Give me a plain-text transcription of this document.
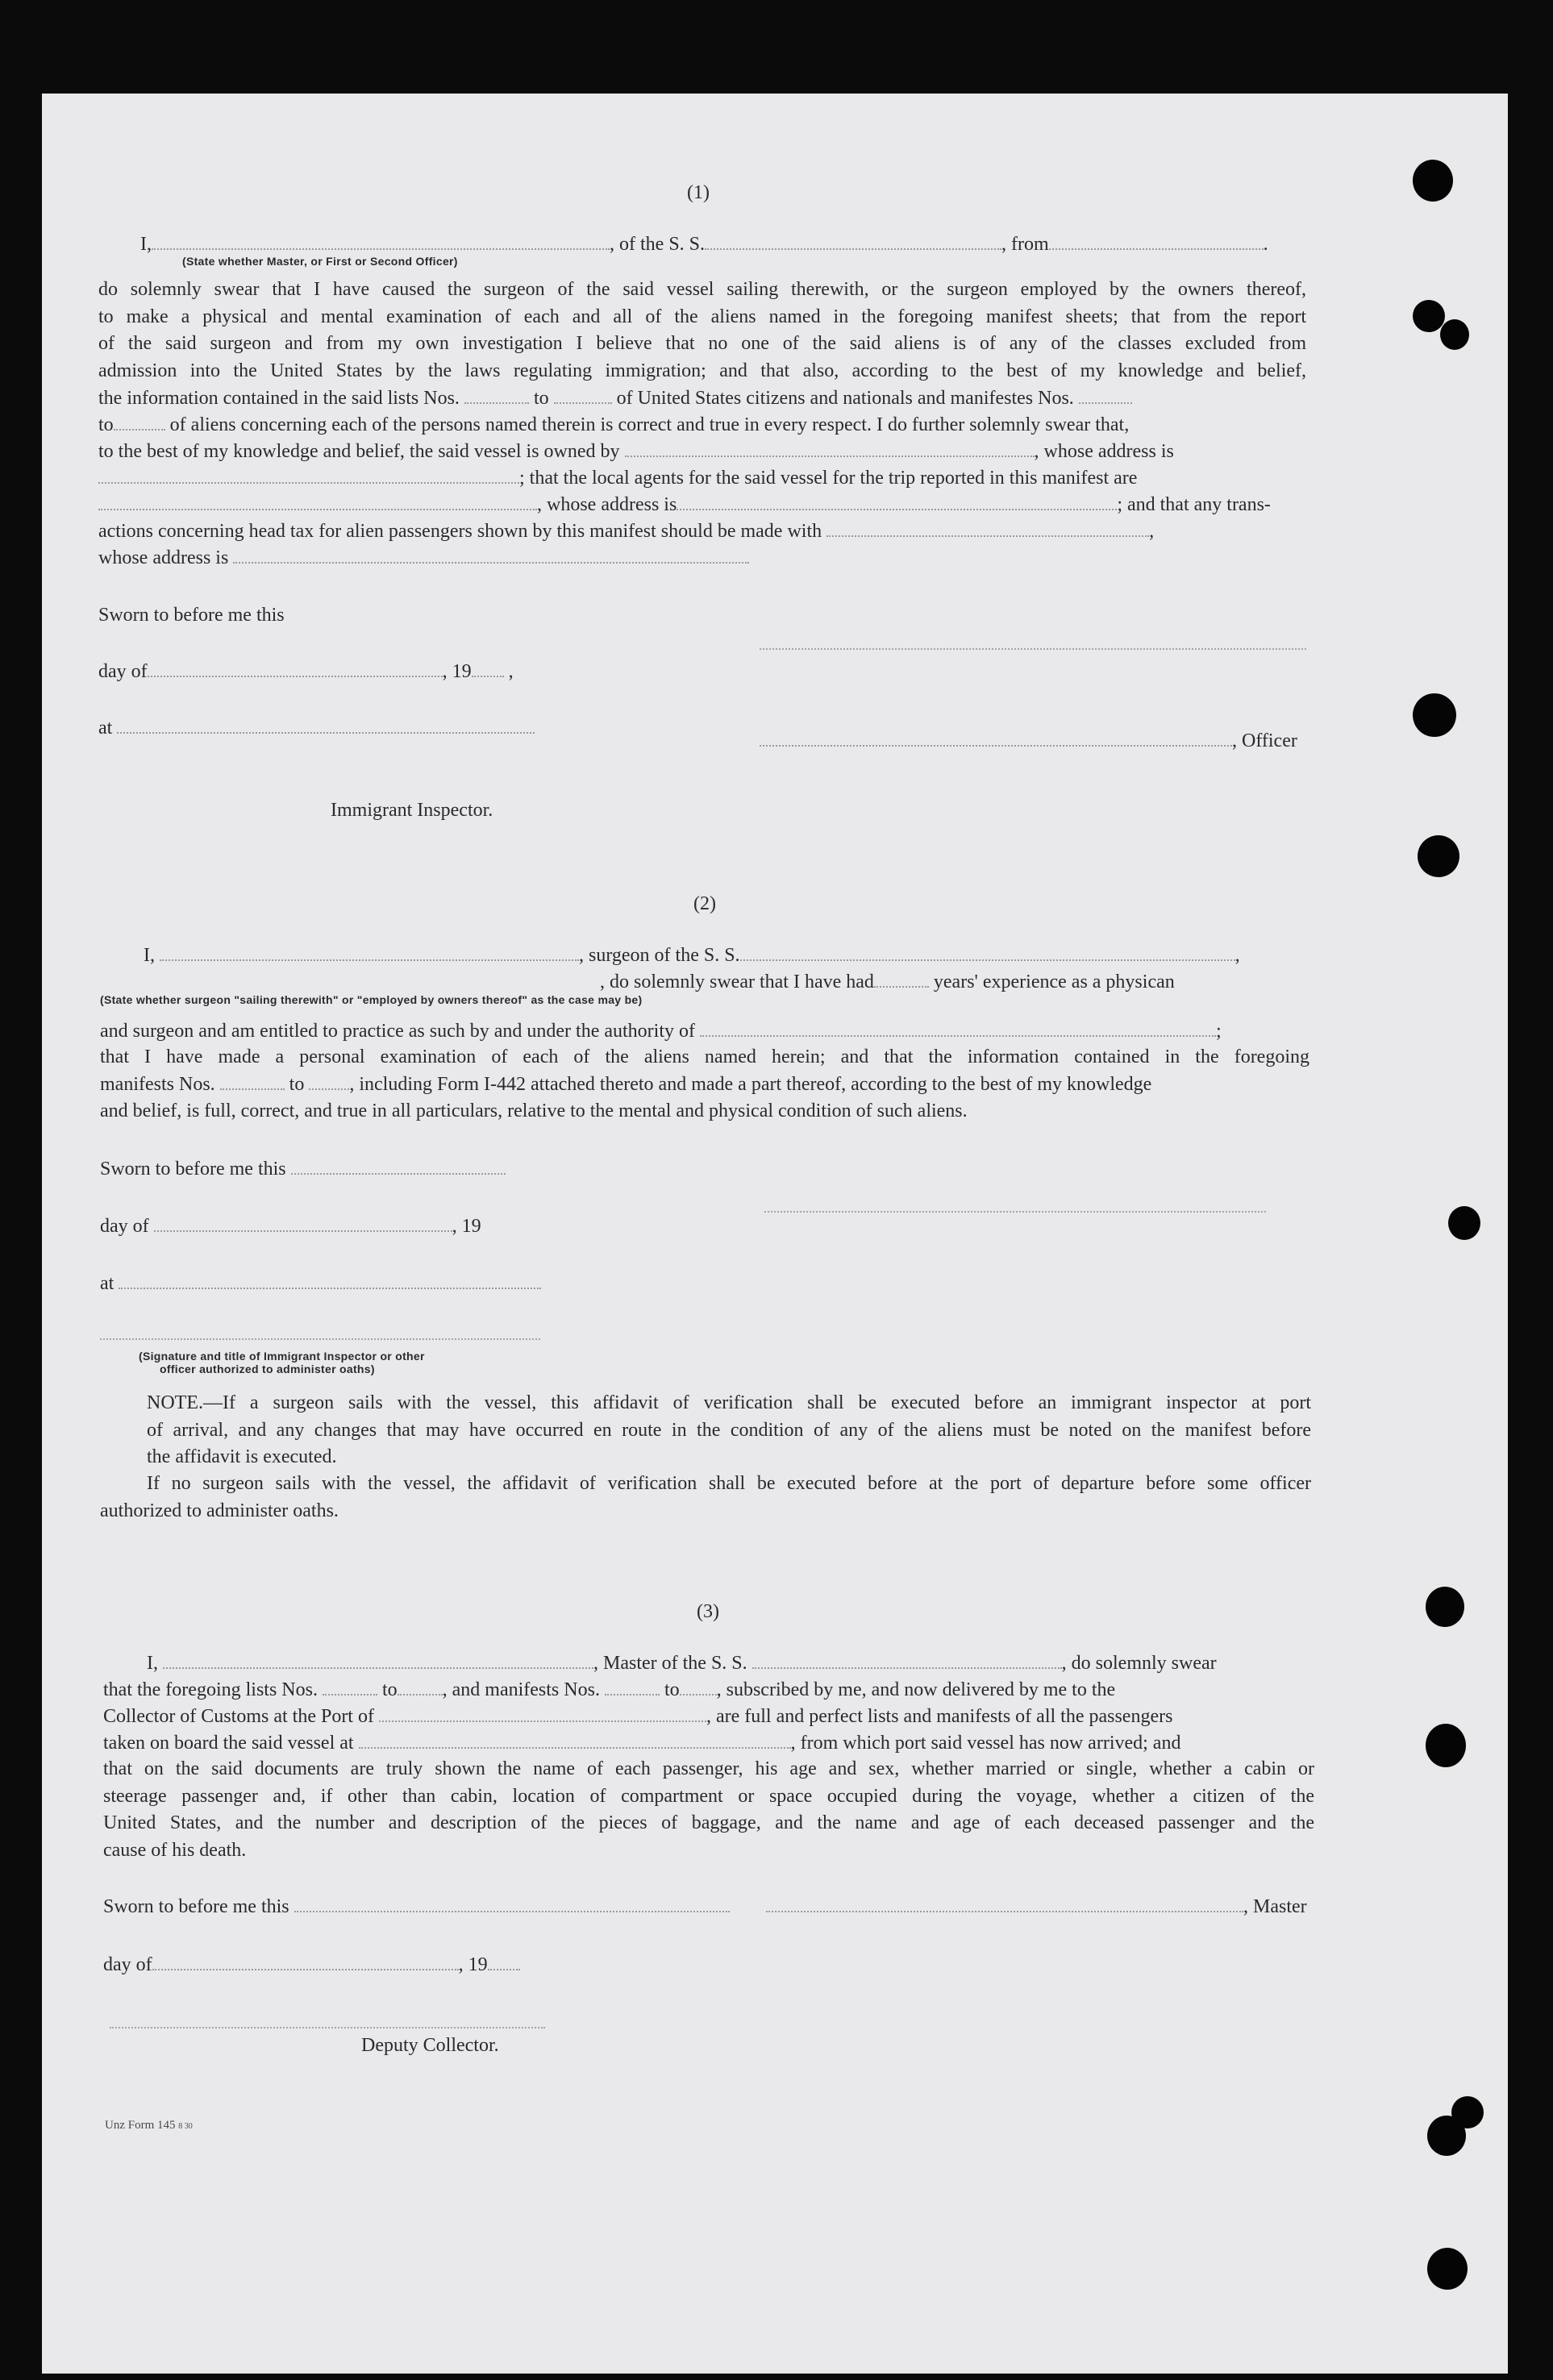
(1)

I,	, of the S. S.	, from	.

(State whether Master, or First or Second Officer)

do solemnly swear that I have caused the surgeon of the said vessel sailing therewith, or the surgeon employed by the owners thereof,
to make a physical and mental examination of each and all of the aliens named in the foregoing manifest sheets; that from the report
of the said surgeon and from my own investigation I believe that no one of the said aliens is of any of the classes excluded from
admission into the United States by the laws regulating immigration; and that also, according to the best of my knowledge and belief,

the information contained in the said lists Nos.	to	of United States citizens and nationals and manifestes Nos.

to	of aliens concerning each of the persons named therein is correct and true in every respect. I do further solemnly swear that,

to the best of my knowledge and belief, the said vessel is owned by	, whose address is

; that the local agents for the said vessel for the trip reported in this manifest are

, whose address is	; and that any trans-

actions concerning head tax for alien passengers shown by this manifest should be made with	,

whose address is

Sworn to before me this

day of	, 19 ,

at

, Officer

Immigrant Inspector.

(2)

I,	, surgeon of the S. S.	,

, do solemnly swear that I have had	years' experience as a physican

(State whether surgeon "sailing therewith" or "employed by owners thereof" as the case may be)

and surgeon and am entitled to practice as such by and under the authority of	;

that I have made a personal examination of each of the aliens named herein; and that the information contained in the foregoing

manifests Nos.	to , including Form I-442 attached thereto and made a part thereof, according to the best of my knowledge

and belief, is full, correct, and true in all particulars, relative to the mental and physical condition of such aliens.

Sworn to before me this

day of	, 19

at

(Signature and title of Immigrant Inspector or other

officer authorized to administer oaths)

NOTE.—If a surgeon sails with the vessel, this affidavit of verification shall be executed before an immigrant inspector at port
of arrival, and any changes that may have occurred en route in the condition of any of the aliens must be noted on the manifest before
the affidavit is executed.
If no surgeon sails with the vessel, the affidavit of verification shall be executed before at the port of departure before some officer
authorized to administer oaths.

(3)

I,	, Master of the S. S.	, do solemnly swear

that the foregoing lists Nos.	to , and manifests Nos.	to , subscribed by me, and now delivered by me to the

Collector of Customs at the Port of	, are full and perfect lists and manifests of all the passengers

taken on board the said vessel at	, from which port said vessel has now arrived; and

that on the said documents are truly shown the name of each passenger, his age and sex, whether married or single, whether a cabin or
steerage passenger and, if other than cabin, location of compartment or space occupied during the voyage, whether a citizen of the
United States, and the number and description of the pieces of baggage, and the name and age of each deceased passenger and the
cause of his death.

Sworn to before me this	, Master

day of	, 19

Deputy Collector.

Unz Form 145 8 30
